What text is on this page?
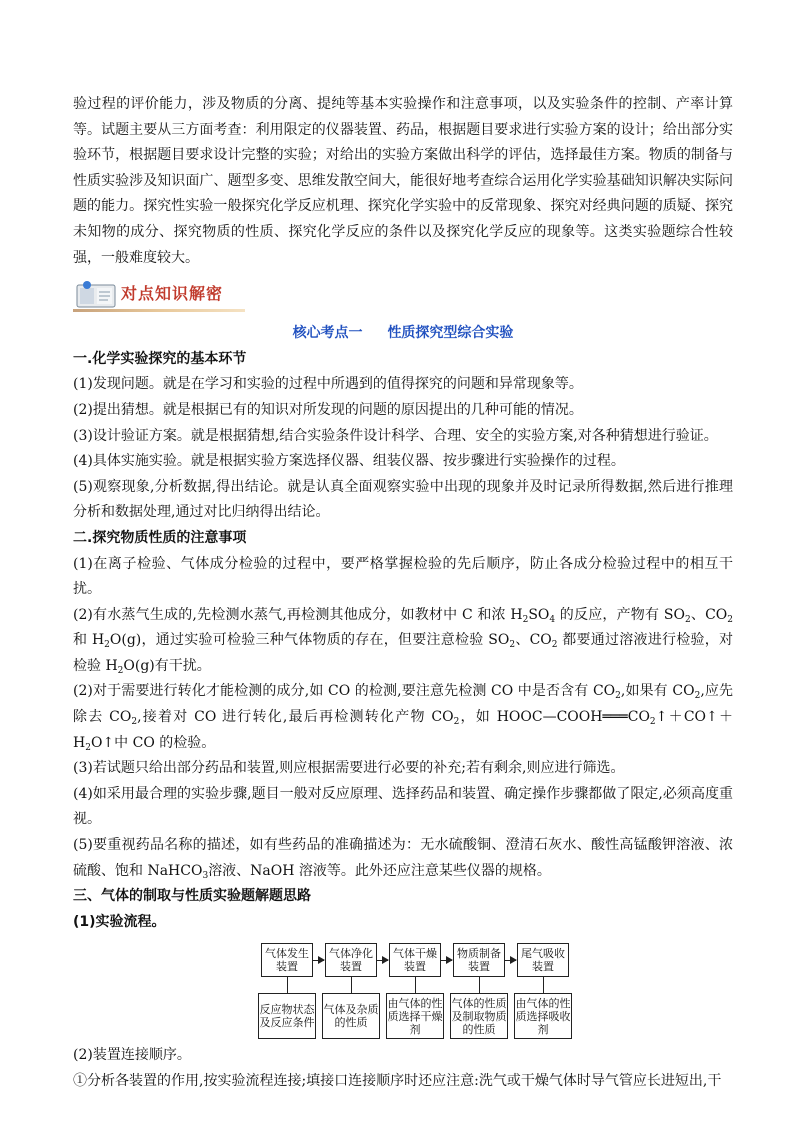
验过程的评价能力，涉及物质的分离、提纯等基本实验操作和注意事项，以及实验条件的控制、产率计算等。试题主要从三方面考查：利用限定的仪器装置、药品，根据题目要求进行实验方案的设计；给出部分实验环节，根据题目要求设计完整的实验；对给出的实验方案做出科学的评估，选择最佳方案。物质的制备与性质实验涉及知识面广、题型多变、思维发散空间大，能很好地考查综合运用化学实验基础知识解决实际问题的能力。探究性实验一般探究化学反应机理、探究化学实验中的反常现象、探究对经典问题的质疑、探究未知物的成分、探究物质的性质、探究化学反应的条件以及探究化学反应的现象等。这类实验题综合性较强，一般难度较大。

对点知识解密
核心考点一 性质探究型综合实验
一.化学实验探究的基本环节

(1)发现问题。就是在学习和实验的过程中所遇到的值得探究的问题和异常现象等。

(2)提出猜想。就是根据已有的知识对所发现的问题的原因提出的几种可能的情况。

(3)设计验证方案。就是根据猜想,结合实验条件设计科学、合理、安全的实验方案,对各种猜想进行验证。

(4)具体实施实验。就是根据实验方案选择仪器、组装仪器、按步骤进行实验操作的过程。

(5)观察现象,分析数据,得出结论。就是认真全面观察实验中出现的现象并及时记录所得数据,然后进行推理分析和数据处理,通过对比归纳得出结论。

二.探究物质性质的注意事项

(1)在离子检验、气体成分检验的过程中，要严格掌握检验的先后顺序，防止各成分检验过程中的相互干扰。

(2)有水蒸气生成的,先检测水蒸气,再检测其他成分，如教材中 C 和浓 $H_2SO_4$ 的反应，产物有 $SO_2$、$CO_2$ 和 $H_2O(g)$，通过实验可检验三种气体物质的存在，但要注意检验 $SO_2$、$CO_2$ 都要通过溶液进行检验，对检验 $H_2O(g)$有干扰。

(2)对于需要进行转化才能检测的成分,如 CO 的检测,要注意先检测 CO 中是否含有 $CO_2$,如果有 $CO_2$,应先除去 $CO_2$,接着对 CO 进行转化,最后再检测转化产物 $CO_2$，如 $HOOC—COOH═══CO_2↑+CO↑+H_2O↑$中 CO 的检验。

(3)若试题只给出部分药品和装置,则应根据需要进行必要的补充;若有剩余,则应进行筛选。

(4)如采用最合理的实验步骤,题目一般对反应原理、选择药品和装置、确定操作步骤都做了限定,必须高度重视。

(5)要重视药品名称的描述，如有些药品的准确描述为：无水硫酸铜、澄清石灰水、酸性高锰酸钾溶液、浓硫酸、饱和 NaHCO$_3$溶液、NaOH 溶液等。此外还应注意某些仪器的规格。

三、气体的制取与性质实验题解题思路
(1)实验流程。
气体发生装置
气体净化装置
气体干燥装置
物质制备装置
尾气吸收装置
反应物状态及反应条件
气体及杂质的性质
由气体的性质选择干燥剂
气体的性质及制取物质的性质
由气体的性质选择吸收剂

(2)装置连接顺序。

①分析各装置的作用,按实验流程连接;填接口连接顺序时还应注意:洗气或干燥气体时导气管应长进短出,干
